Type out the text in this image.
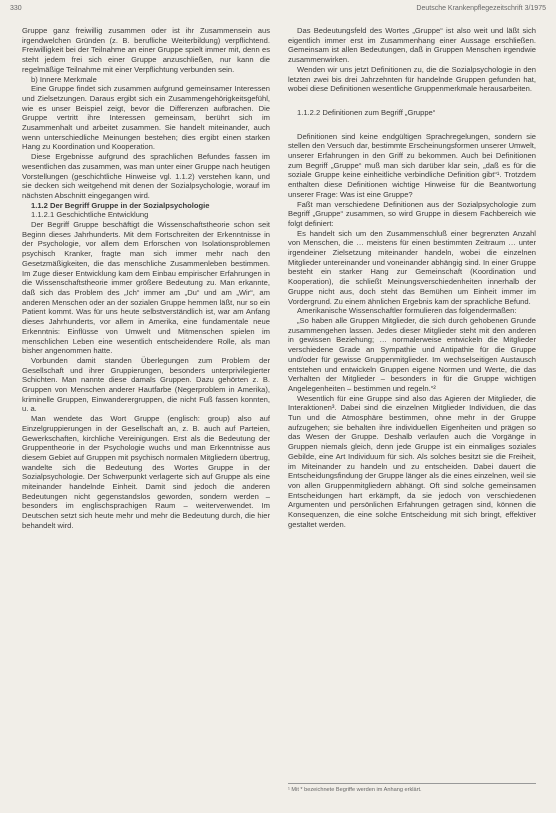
330	Deutsche Krankenpflegezeitschrift 3/1975

Gruppe ganz freiwillig zusammen oder ist ihr Zusammensein aus irgendwelchen Gründen (z. B. berufliche Weiterbildung) verpflichtend. Freiwilligkeit bei der Teilnahme an einer Gruppe spielt immer mit, denn es steht jedem frei sich einer Gruppe anzuschließen, nur kann die regelmäßige Teilnahme mit einer Verpflichtung verbunden sein.

b) Innere Merkmale

Eine Gruppe findet sich zusammen aufgrund gemeinsamer Interessen und Zielsetzungen. Daraus ergibt sich ein Zusammengehörigkeitsgefühl, wie es unser Beispiel zeigt, bevor die Differenzen aufbrachen. Die Gruppe vertritt ihre Interessen gemeinsam, berührt sich im Zusammenhalt und arbeitet zusammen. Sie handelt miteinander, auch wenn unterschiedliche Meinungen bestehen; dies ergibt einen starken Hang zu Koordination und Kooperation.

Diese Ergebnisse aufgrund des sprachlichen Befundes fassen im wesentlichen das zusammen, was man unter einer Gruppe nach heutigen Vorstellungen (geschichtliche Hinweise vgl. 1.1.2) verstehen kann, und sie decken sich weitgehend mit denen der Sozialpsychologie, worauf im nächsten Abschnitt eingegangen wird.

1.1.2 Der Begriff Gruppe in der Sozialpsychologie

1.1.2.1 Geschichtliche Entwicklung

Der Begriff Gruppe beschäftigt die Wissenschaftstheorie schon seit Beginn dieses Jahrhunderts. Mit dem Fortschreiten der Erkenntnisse in der Psychologie, vor allem dem Erforschen von Isolationsproblemen psychisch Kranker, fragte man sich immer mehr nach den Gesetzmäßigkeiten, die das menschliche Zusammenleben bestimmen. Im Zuge dieser Entwicklung kam dem Einbau empirischer Erfahrungen in die Wissenschaftstheorie immer größere Bedeutung zu. Man erkannte, daß sich das Problem des „Ich“ immer am „Du“ und am „Wir“, am anderen Menschen oder an der sozialen Gruppe hemmen läßt, nur so ein Patient kommt. Was für uns heute selbstverständlich ist, war am Anfang dieses Jahrhunderts, vor allem in Amerika, eine fundamentale neue Erkenntnis: Einflüsse von Umwelt und Mitmenschen spielen im menschlichen Leben eine wesentlich entscheidendere Rolle, als man bisher angenommen hatte.

Vorbunden damit standen Überlegungen zum Problem der Gesellschaft und ihrer Gruppierungen, besonders unterprivilegierter Schichten. Man nannte diese damals Gruppen. Dazu gehörten z. B. Gruppen von Menschen anderer Hautfarbe (Negerproblem in Amerika), kriminelle Gruppen, Einwanderergruppen, die nicht Fuß fassen konnten, u. a.

Man wendete das Wort Gruppe (englisch: group) also auf Einzelgruppierungen in der Gesellschaft an, z. B. auch auf Parteien, Gewerkschaften, kirchliche Vereinigungen. Erst als die Bedeutung der Gruppentheorie in der Psychologie wuchs und man Erkenntnisse aus diesem Gebiet auf Gruppen mit psychisch normalen Mitgliedern übertrug, wandelte sich die Bedeutung des Wortes Gruppe in der Sozialpsychologie. Der Schwerpunkt verlagerte sich auf Gruppe als eine miteinander handelnde Einheit. Damit sind jedoch die anderen Bedeutungen nicht gegenstandslos geworden, sondern werden – besonders im englischsprachigen Raum – weiterverwendet. Im Deutschen setzt sich heute mehr und mehr die Bedeutung durch, die hier behandelt wird.

Das Bedeutungsfeld des Wortes „Gruppe“ ist also weit und läßt sich eigentlich immer erst im Zusammenhang einer Aussage erschließen. Gemeinsam ist allen Bedeutungen, daß in Gruppen Menschen irgendwie zusammenwirken.

Wenden wir uns jetzt Definitionen zu, die die Sozialpsychologie in den letzten zwei bis drei Jahrzehnten für handelnde Gruppen gefunden hat, wobei diese Definitionen wesentliche Gruppenmerkmale herausarbeiten.

1.1.2.2 Definitionen zum Begriff „Gruppe“

Definitionen sind keine endgültigen Sprachregelungen, sondern sie stellen den Versuch dar, bestimmte Erscheinungsformen unserer Umwelt, unserer Erfahrungen in den Griff zu bekommen. Auch bei Definitionen zum Begriff „Gruppe“ muß man sich darüber klar sein, „daß es für die soziale Gruppe keine einheitliche verbindliche Definition gibt“¹. Trotzdem enthalten diese Definitionen wichtige Hinweise für die Beantwortung unserer Frage: Was ist eine Gruppe?

Faßt man verschiedene Definitionen aus der Sozialpsychologie zum Begriff „Gruppe“ zusammen, so wird Gruppe in diesem Fachbereich wie folgt definiert:

Es handelt sich um den Zusammenschluß einer begrenzten Anzahl von Menschen, die … meistens für einen bestimmten Zeitraum … unter irgendeiner Zielsetzung miteinander handeln, wobei die einzelnen Mitglieder untereinander und voneinander abhängig sind. In einer Gruppe besteht ein starker Hang zur Gemeinschaft (Koordination und Kooperation), die schließt Meinungsverschiedenheiten innerhalb der Gruppe nicht aus, doch steht das Bemühen um Einheit immer im Vordergrund. Zu einem ähnlichen Ergebnis kam der sprachliche Befund.

Amerikanische Wissenschaftler formulieren das folgendermaßen:

„So haben alle Gruppen Mitglieder, die sich durch gehobenen Grunde zusammengehen lassen. Jedes dieser Mitglieder steht mit den anderen in gewissen Beziehung; … normalerweise entwickeln die Mitglieder verschiedene Grade an Sympathie und Antipathie für die Gruppe und/oder für gewisse Gruppenmitglieder. Im wechselseitigen Austausch entstehen und entwickeln Gruppen eigene Normen und Werte, die das Verhalten der Mitglieder – besonders in für die Gruppe wichtigen Angelegenheiten – bestimmen und regeln.“²

Wesentlich für eine Gruppe sind also das Agieren der Mitglieder, die Interaktionen³. Dabei sind die einzelnen Mitglieder Individuen, die das Tun und die Atmosphäre bestimmen, ohne mehr in der Gruppe aufzugehen; sie behalten ihre individuellen Eigenheiten und prägen so das Wesen der Gruppe. Deshalb verlaufen auch die Vorgänge in Gruppen niemals gleich, denn jede Gruppe ist ein einmaliges soziales Gebilde, eine Art Individuum für sich. Als solches besitzt sie die Freiheit, im Miteinander zu handeln und zu entscheiden. Dabei dauert die Entscheidungsfindung der Gruppe länger als die eines einzelnen, weil sie von allen Gruppenmitgliedern abhängt. Oft sind solche gemeinsamen Entscheidungen hart erkämpft, da sie jedoch von verschiedenen Argumenten und persönlichen Erfahrungen getragen sind, können die Konsequenzen, die eine solche Entscheidung mit sich bringt, effektiver gestaltet werden.

¹ Mit * bezeichnete Begriffe werden im Anhang erklärt.
